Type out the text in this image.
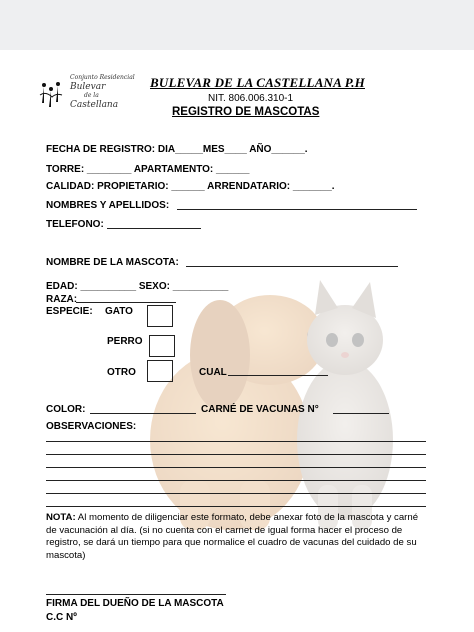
Conjunto Residencial
Bulevar
de la
Castellana
BULEVAR DE LA CASTELLANA P.H
NIT. 806.006.310-1
REGISTRO DE MASCOTAS
FECHA DE REGISTRO: DIA_____MES____ AÑO______.
TORRE: ________ APARTAMENTO: ______
CALIDAD: PROPIETARIO: ______ ARRENDATARIO: _______.
NOMBRES Y APELLIDOS:
TELEFONO:
NOMBRE DE LA MASCOTA:
EDAD: __________ SEXO: __________
RAZA:
ESPECIE: GATO
PERRO
OTRO	CUAL
COLOR:	CARNÉ DE VACUNAS N°
OBSERVACIONES:
NOTA: Al momento de diligenciar este formato, debe anexar foto de la mascota y carné de vacunación al día. (si no cuenta con el carnet de igual forma hacer el proceso de registro, se dará un tiempo para que normalice el cuadro de vacunas del cuidado de su mascota)
FIRMA DEL DUEÑO DE LA MASCOTA
C.C Nº
